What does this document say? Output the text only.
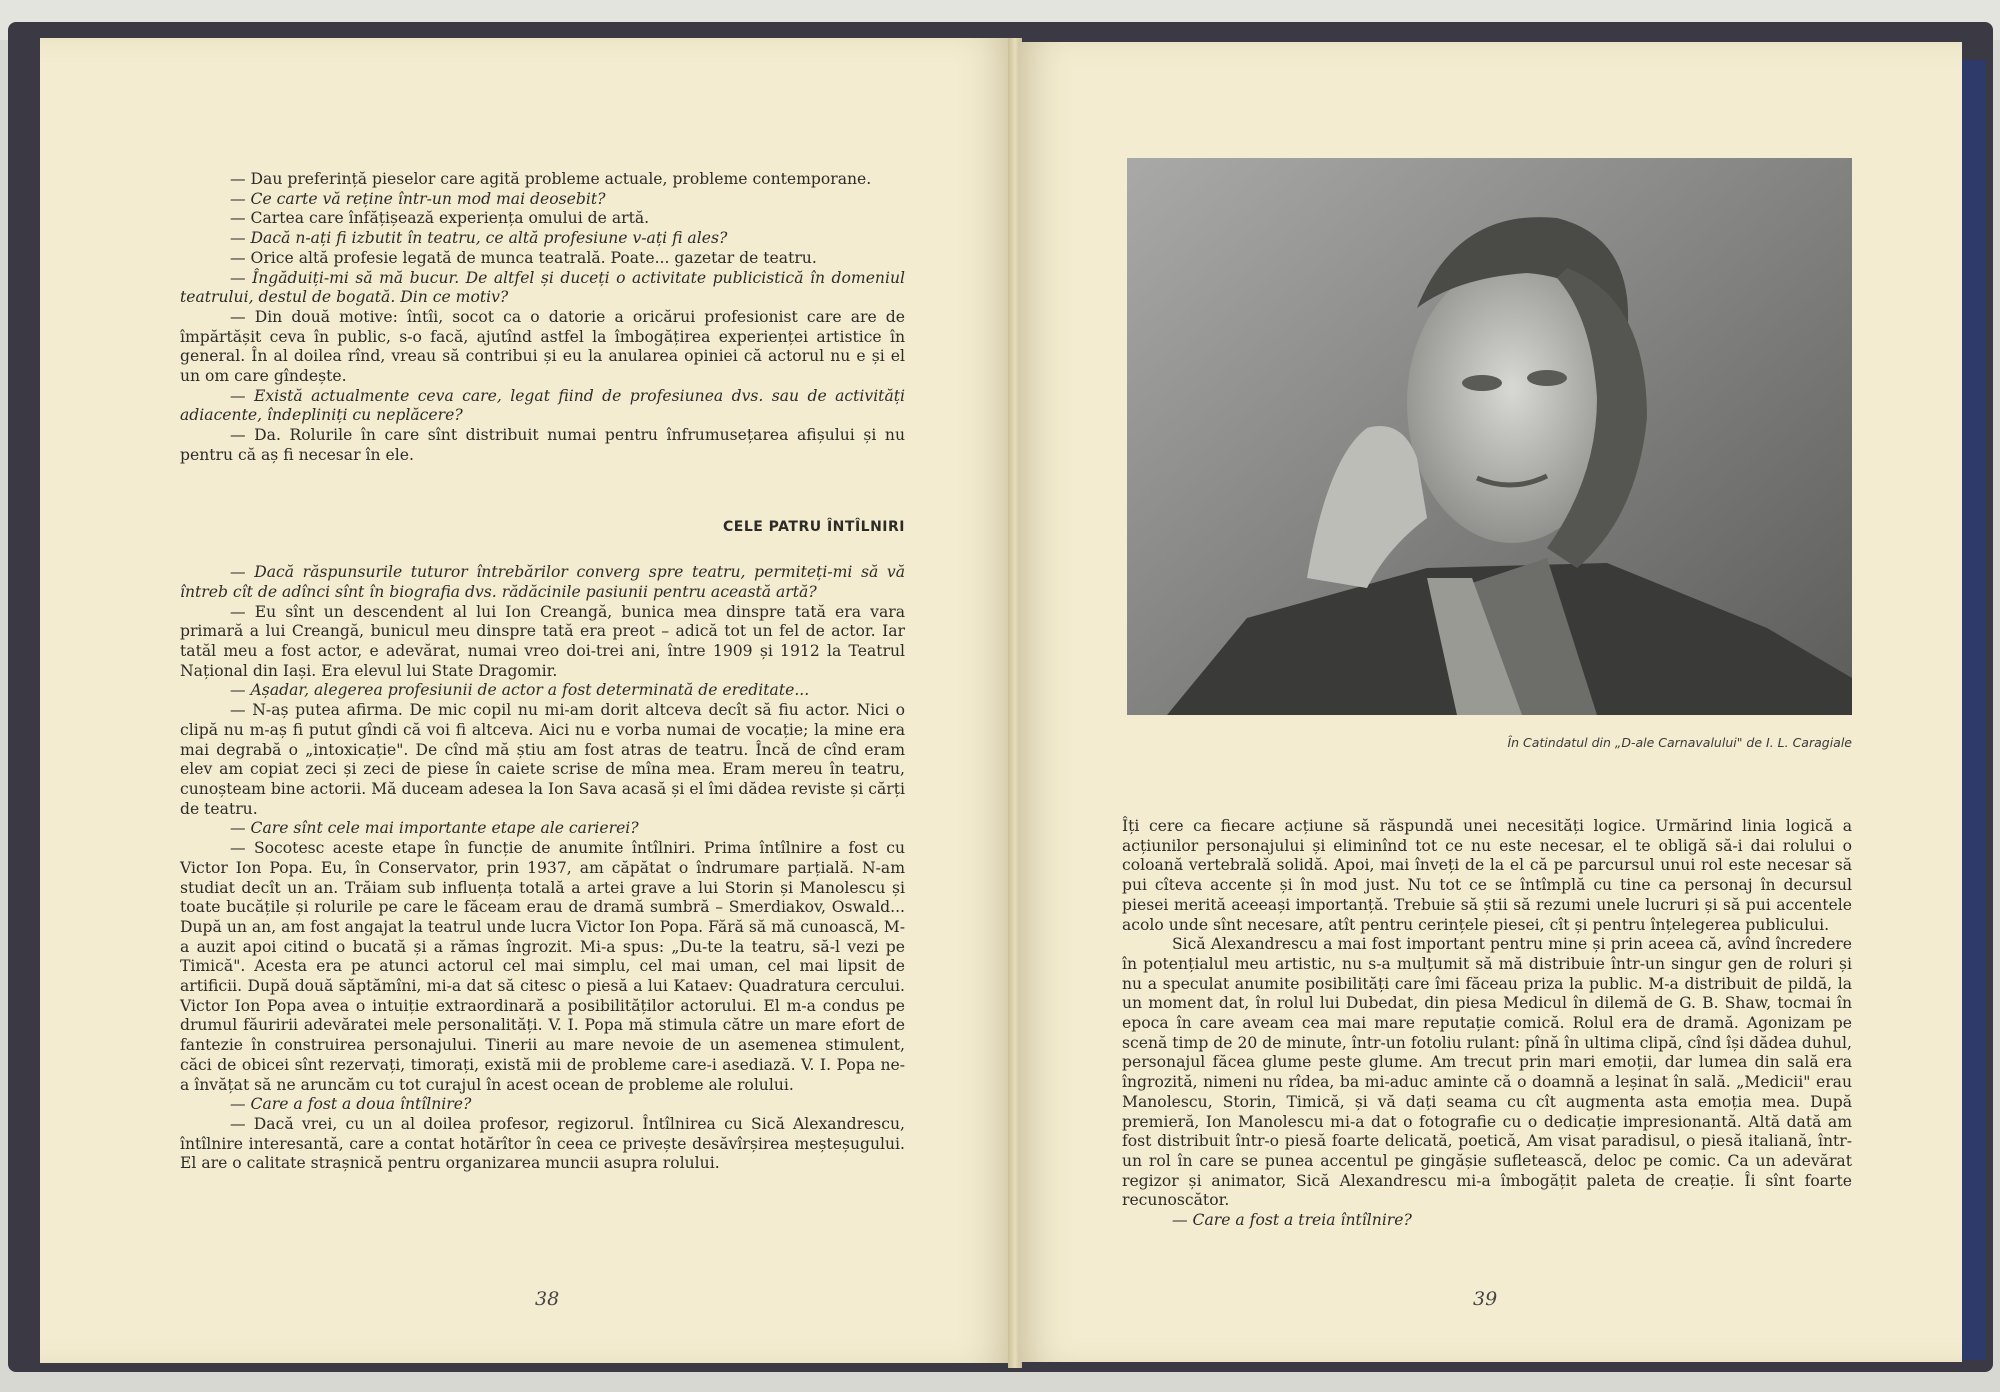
— Dau preferință pieselor care agită probleme actuale, probleme contemporane.

— Ce carte vă reține într-un mod mai deosebit?

— Cartea care înfățișează experiența omului de artă.

— Dacă n-ați fi izbutit în teatru, ce altă profesiune v-ați fi ales?

— Orice altă profesie legată de munca teatrală. Poate... gazetar de teatru.

— Îngăduiți-mi să mă bucur. De altfel și duceți o activitate publicistică în domeniul teatrului, destul de bogată. Din ce motiv?

— Din două motive: întîi, socot ca o datorie a oricărui profesionist care are de împărtășit ceva în public, s-o facă, ajutînd astfel la îmbogățirea experienței artistice în general. În al doilea rînd, vreau să contribui și eu la anularea opiniei că actorul nu e și el un om care gîndește.

— Există actualmente ceva care, legat fiind de profesiunea dvs. sau de activități adiacente, îndepliniți cu neplăcere?

— Da. Rolurile în care sînt distribuit numai pentru înfrumusețarea afișului și nu pentru că aș fi necesar în ele.

CELE PATRU ÎNTÎLNIRI

— Dacă răspunsurile tuturor întrebărilor converg spre teatru, permiteți-mi să vă întreb cît de adînci sînt în biografia dvs. rădăcinile pasiunii pentru această artă?

— Eu sînt un descendent al lui Ion Creangă, bunica mea dinspre tată era vara primară a lui Creangă, bunicul meu dinspre tată era preot – adică tot un fel de actor. Iar tatăl meu a fost actor, e adevărat, numai vreo doi-trei ani, între 1909 și 1912 la Teatrul Național din Iași. Era elevul lui State Dragomir.

— Așadar, alegerea profesiunii de actor a fost determinată de ereditate...

— N-aș putea afirma. De mic copil nu mi-am dorit altceva decît să fiu actor. Nici o clipă nu m-aș fi putut gîndi că voi fi altceva. Aici nu e vorba numai de vocație; la mine era mai degrabă o „intoxicație". De cînd mă știu am fost atras de teatru. Încă de cînd eram elev am copiat zeci și zeci de piese în caiete scrise de mîna mea. Eram mereu în teatru, cunoșteam bine actorii. Mă duceam adesea la Ion Sava acasă și el îmi dădea reviste și cărți de teatru.

— Care sînt cele mai importante etape ale carierei?

— Socotesc aceste etape în funcție de anumite întîlniri. Prima întîlnire a fost cu Victor Ion Popa. Eu, în Conservator, prin 1937, am căpătat o îndrumare parțială. N-am studiat decît un an. Trăiam sub influența totală a artei grave a lui Storin și Manolescu și toate bucățile și rolurile pe care le făceam erau de dramă sumbră – Smerdiakov, Oswald... După un an, am fost angajat la teatrul unde lucra Victor Ion Popa. Fără să mă cunoască, M-a auzit apoi citind o bucată și a rămas îngrozit. Mi-a spus: „Du-te la teatru, să-l vezi pe Timică". Acesta era pe atunci actorul cel mai simplu, cel mai uman, cel mai lipsit de artificii. După două săptămîni, mi-a dat să citesc o piesă a lui Kataev: Quadratura cercului. Victor Ion Popa avea o intuiție extraordinară a posibilităților actorului. El m-a condus pe drumul făuririi adevăratei mele personalități. V. I. Popa mă stimula către un mare efort de fantezie în construirea personajului. Tinerii au mare nevoie de un asemenea stimulent, căci de obicei sînt rezervați, timorați, există mii de probleme care-i asediază. V. I. Popa ne-a învățat să ne aruncăm cu tot curajul în acest ocean de probleme ale rolului.

— Care a fost a doua întîlnire?

— Dacă vrei, cu un al doilea profesor, regizorul. Întîlnirea cu Sică Alexandrescu, întîlnire interesantă, care a contat hotărîtor în ceea ce privește desăvîrșirea meșteșugului. El are o calitate strașnică pentru organizarea muncii asupra rolului.

38
În Catindatul din „D-ale Carnavalului" de I. L. Caragiale

Îți cere ca fiecare acțiune să răspundă unei necesități logice. Urmărind linia logică a acțiunilor personajului și eliminînd tot ce nu este necesar, el te obligă să-i dai rolului o coloană vertebrală solidă. Apoi, mai înveți de la el că pe parcursul unui rol este necesar să pui cîteva accente și în mod just. Nu tot ce se întîmplă cu tine ca personaj în decursul piesei merită aceeași importanță. Trebuie să știi să rezumi unele lucruri și să pui accentele acolo unde sînt necesare, atît pentru cerințele piesei, cît și pentru înțelegerea publicului.

Sică Alexandrescu a mai fost important pentru mine și prin aceea că, avînd încredere în potențialul meu artistic, nu s-a mulțumit să mă distribuie într-un singur gen de roluri și nu a speculat anumite posibilități care îmi făceau priza la public. M-a distribuit de pildă, la un moment dat, în rolul lui Dubedat, din piesa Medicul în dilemă de G. B. Shaw, tocmai în epoca în care aveam cea mai mare reputație comică. Rolul era de dramă. Agonizam pe scenă timp de 20 de minute, într-un fotoliu rulant: pînă în ultima clipă, cînd își dădea duhul, personajul făcea glume peste glume. Am trecut prin mari emoții, dar lumea din sală era îngrozită, nimeni nu rîdea, ba mi-aduc aminte că o doamnă a leșinat în sală. „Medicii" erau Manolescu, Storin, Timică, și vă dați seama cu cît augmenta asta emoția mea. După premieră, Ion Manolescu mi-a dat o fotografie cu o dedicație impresionantă. Altă dată am fost distribuit într-o piesă foarte delicată, poetică, Am visat paradisul, o piesă italiană, într-un rol în care se punea accentul pe gingășie sufletească, deloc pe comic. Ca un adevărat regizor și animator, Sică Alexandrescu mi-a îmbogățit paleta de creație. Îi sînt foarte recunoscător.

— Care a fost a treia întîlnire?

39
